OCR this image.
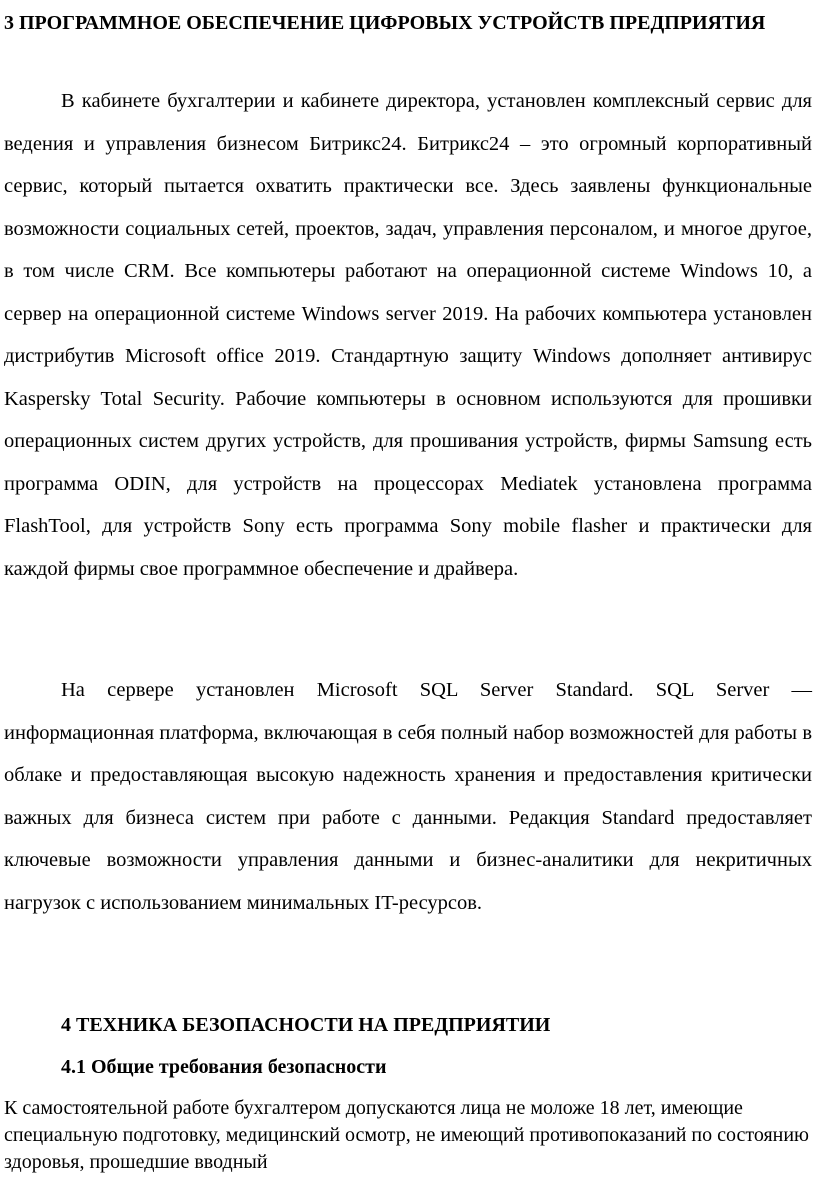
3 ПРОГРАММНОЕ ОБЕСПЕЧЕНИЕ ЦИФРОВЫХ УСТРОЙСТВ ПРЕДПРИЯТИЯ

В кабинете бухгалтерии и кабинете директора, установлен комплексный сервис для ведения и управления бизнесом Битрикс24. Битрикс24 – это огромный корпоративный сервис, который пытается охватить практически все. Здесь заявлены функциональные возможности социальных сетей, проектов, задач, управления персоналом, и многое другое, в том числе CRM. Все компьютеры работают на операционной системе Windows 10, а сервер на операционной системе Windows server 2019. На рабочих компьютера установлен дистрибутив Microsoft office 2019. Стандартную защиту Windows дополняет антивирус Kaspersky Total Security. Рабочие компьютеры в основном используются для прошивки операционных систем других устройств, для прошивания устройств, фирмы Samsung есть программа ODIN, для устройств на процессорах Mediatek установлена программа FlashTool, для устройств Sony есть программа Sony mobile flasher и практически для каждой фирмы свое программное обеспечение и драйвера.

На сервере установлен Microsoft SQL Server Standard. SQL Server — информационная платформа, включающая в себя полный набор возможностей для работы в облаке и предоставляющая высокую надежность хранения и предоставления критически важных для бизнеса систем при работе с данными. Редакция Standard предоставляет ключевые возможности управления данными и бизнес-аналитики для некритичных нагрузок с использованием минимальных IT-ресурсов.

4 ТЕХНИКА БЕЗОПАСНОСТИ НА ПРЕДПРИЯТИИ
4.1 Общие требования безопасности

К самостоятельной работе бухгалтером допускаются лица не моложе 18 лет, имеющие специальную подготовку, медицинский осмотр, не имеющий противопоказаний по состоянию здоровья, прошедшие вводный
